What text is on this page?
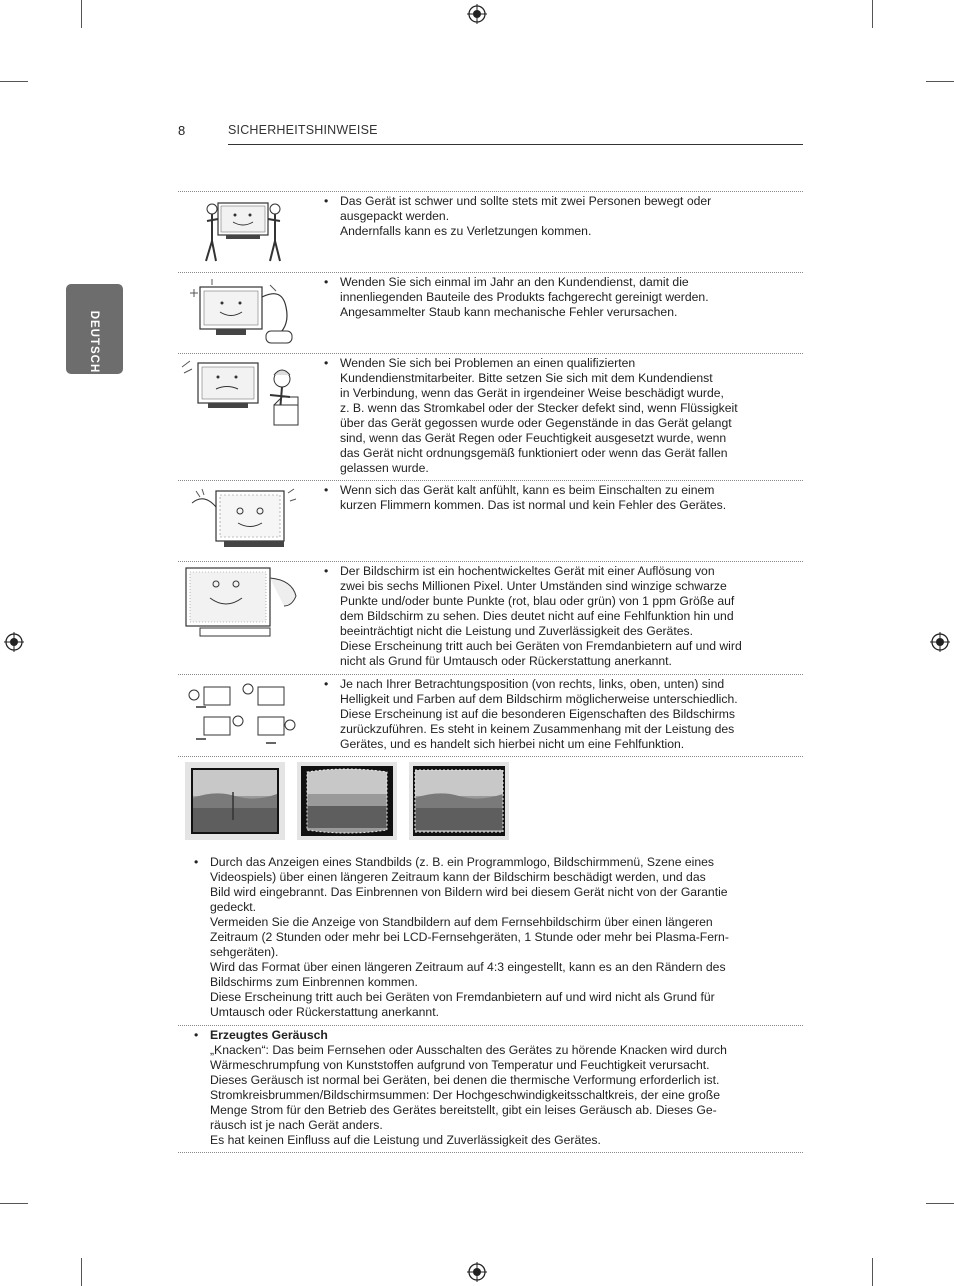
8	SICHERHEITSHINWEISE
DEUTSCH
• Das Gerät ist schwer und sollte stets mit zwei Personen bewegt oder
ausgepackt werden.
Andernfalls kann es zu Verletzungen kommen.
• Wenden Sie sich einmal im Jahr an den Kundendienst, damit die
innenliegenden Bauteile des Produkts fachgerecht gereinigt werden.
Angesammelter Staub kann mechanische Fehler verursachen.
• Wenden Sie sich bei Problemen an einen qualifizierten
Kundendienstmitarbeiter. Bitte setzen Sie sich mit dem Kundendienst
in Verbindung, wenn das Gerät in irgendeiner Weise beschädigt wurde,
z. B. wenn das Stromkabel oder der Stecker defekt sind, wenn Flüssigkeit
über das Gerät gegossen wurde oder Gegenstände in das Gerät gelangt
sind, wenn das Gerät Regen oder Feuchtigkeit ausgesetzt wurde, wenn
das Gerät nicht ordnungsgemäß funktioniert oder wenn das Gerät fallen
gelassen wurde.
• Wenn sich das Gerät kalt anfühlt, kann es beim Einschalten zu einem
kurzen Flimmern kommen. Das ist normal und kein Fehler des Gerätes.
• Der Bildschirm ist ein hochentwickeltes Gerät mit einer Auflösung von
zwei bis sechs Millionen Pixel. Unter Umständen sind winzige schwarze
Punkte und/oder bunte Punkte (rot, blau oder grün) von 1 ppm Größe auf
dem Bildschirm zu sehen. Dies deutet nicht auf eine Fehlfunktion hin und
beeinträchtigt nicht die Leistung und Zuverlässigkeit des Gerätes.
Diese Erscheinung tritt auch bei Geräten von Fremdanbietern auf und wird
nicht als Grund für Umtausch oder Rückerstattung anerkannt.
• Je nach Ihrer Betrachtungsposition (von rechts, links, oben, unten) sind
Helligkeit und Farben auf dem Bildschirm möglicherweise unterschiedlich.
Diese Erscheinung ist auf die besonderen Eigenschaften des Bildschirms
zurückzuführen. Es steht in keinem Zusammenhang mit der Leistung des
Gerätes, und es handelt sich hierbei nicht um eine Fehlfunktion.
• Durch das Anzeigen eines Standbilds (z. B. ein Programmlogo, Bildschirmmenü, Szene eines
Videospiels) über einen längeren Zeitraum kann der Bildschirm beschädigt werden, und das
Bild wird eingebrannt. Das Einbrennen von Bildern wird bei diesem Gerät nicht von der Garantie
gedeckt.
Vermeiden Sie die Anzeige von Standbildern auf dem Fernsehbildschirm über einen längeren
Zeitraum (2 Stunden oder mehr bei LCD-Fernsehgeräten, 1 Stunde oder mehr bei Plasma-Fern-
sehgeräten).
Wird das Format über einen längeren Zeitraum auf 4:3 eingestellt, kann es an den Rändern des
Bildschirms zum Einbrennen kommen.
Diese Erscheinung tritt auch bei Geräten von Fremdanbietern auf und wird nicht als Grund für
Umtausch oder Rückerstattung anerkannt.
• Erzeugtes Geräusch
„Knacken“: Das beim Fernsehen oder Ausschalten des Gerätes zu hörende Knacken wird durch
Wärmeschrumpfung von Kunststoffen aufgrund von Temperatur und Feuchtigkeit verursacht.
Dieses Geräusch ist normal bei Geräten, bei denen die thermische Verformung erforderlich ist.
Stromkreisbrummen/Bildschirmsummen: Der Hochgeschwindigkeitsschaltkreis, der eine große
Menge Strom für den Betrieb des Gerätes bereitstellt, gibt ein leises Geräusch ab. Dieses Ge-
räusch ist je nach Gerät anders.
Es hat keinen Einfluss auf die Leistung und Zuverlässigkeit des Gerätes.
